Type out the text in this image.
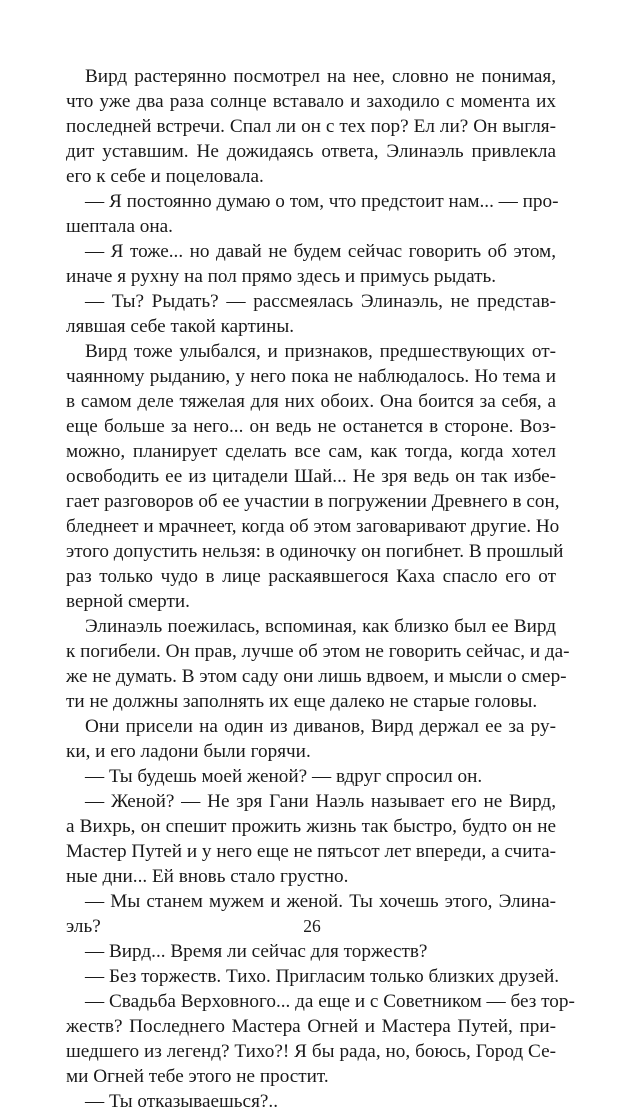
Вирд растерянно посмотрел на нее, словно не понимая,
что уже два раза солнце вставало и заходило с момента их
последней встречи. Спал ли он с тех пор? Ел ли? Он выгля-
дит уставшим. Не дожидаясь ответа, Элинаэль привлекла
его к себе и поцеловала.
— Я постоянно думаю о том, что предстоит нам... — про-
шептала она.
— Я тоже... но давай не будем сейчас говорить об этом,
иначе я рухну на пол прямо здесь и примусь рыдать.
— Ты? Рыдать? — рассмеялась Элинаэль, не представ-
лявшая себе такой картины.
Вирд тоже улыбался, и признаков, предшествующих от-
чаянному рыданию, у него пока не наблюдалось. Но тема и
в самом деле тяжелая для них обоих. Она боится за себя, а
еще больше за него... он ведь не останется в стороне. Воз-
можно, планирует сделать все сам, как тогда, когда хотел
освободить ее из цитадели Шай... Не зря ведь он так избе-
гает разговоров об ее участии в погружении Древнего в сон,
бледнеет и мрачнеет, когда об этом заговаривают другие. Но
этого допустить нельзя: в одиночку он погибнет. В прошлый
раз только чудо в лице раскаявшегося Каха спасло его от
верной смерти.
Элинаэль поежилась, вспоминая, как близко был ее Вирд
к погибели. Он прав, лучше об этом не говорить сейчас, и да-
же не думать. В этом саду они лишь вдвоем, и мысли о смер-
ти не должны заполнять их еще далеко не старые головы.
Они присели на один из диванов, Вирд держал ее за ру-
ки, и его ладони были горячи.
— Ты будешь моей женой? — вдруг спросил он.
— Женой? — Не зря Гани Наэль называет его не Вирд,
а Вихрь, он спешит прожить жизнь так быстро, будто он не
Мастер Путей и у него еще не пятьсот лет впереди, а счита-
ные дни... Ей вновь стало грустно.
— Мы станем мужем и женой. Ты хочешь этого, Элина-
эль?
— Вирд... Время ли сейчас для торжеств?
— Без торжеств. Тихо. Пригласим только близких друзей.
— Свадьба Верховного... да еще и с Советником — без тор-
жеств? Последнего Мастера Огней и Мастера Путей, при-
шедшего из легенд? Тихо?! Я бы рада, но, боюсь, Город Се-
ми Огней тебе этого не простит.
— Ты отказываешься?..
26
